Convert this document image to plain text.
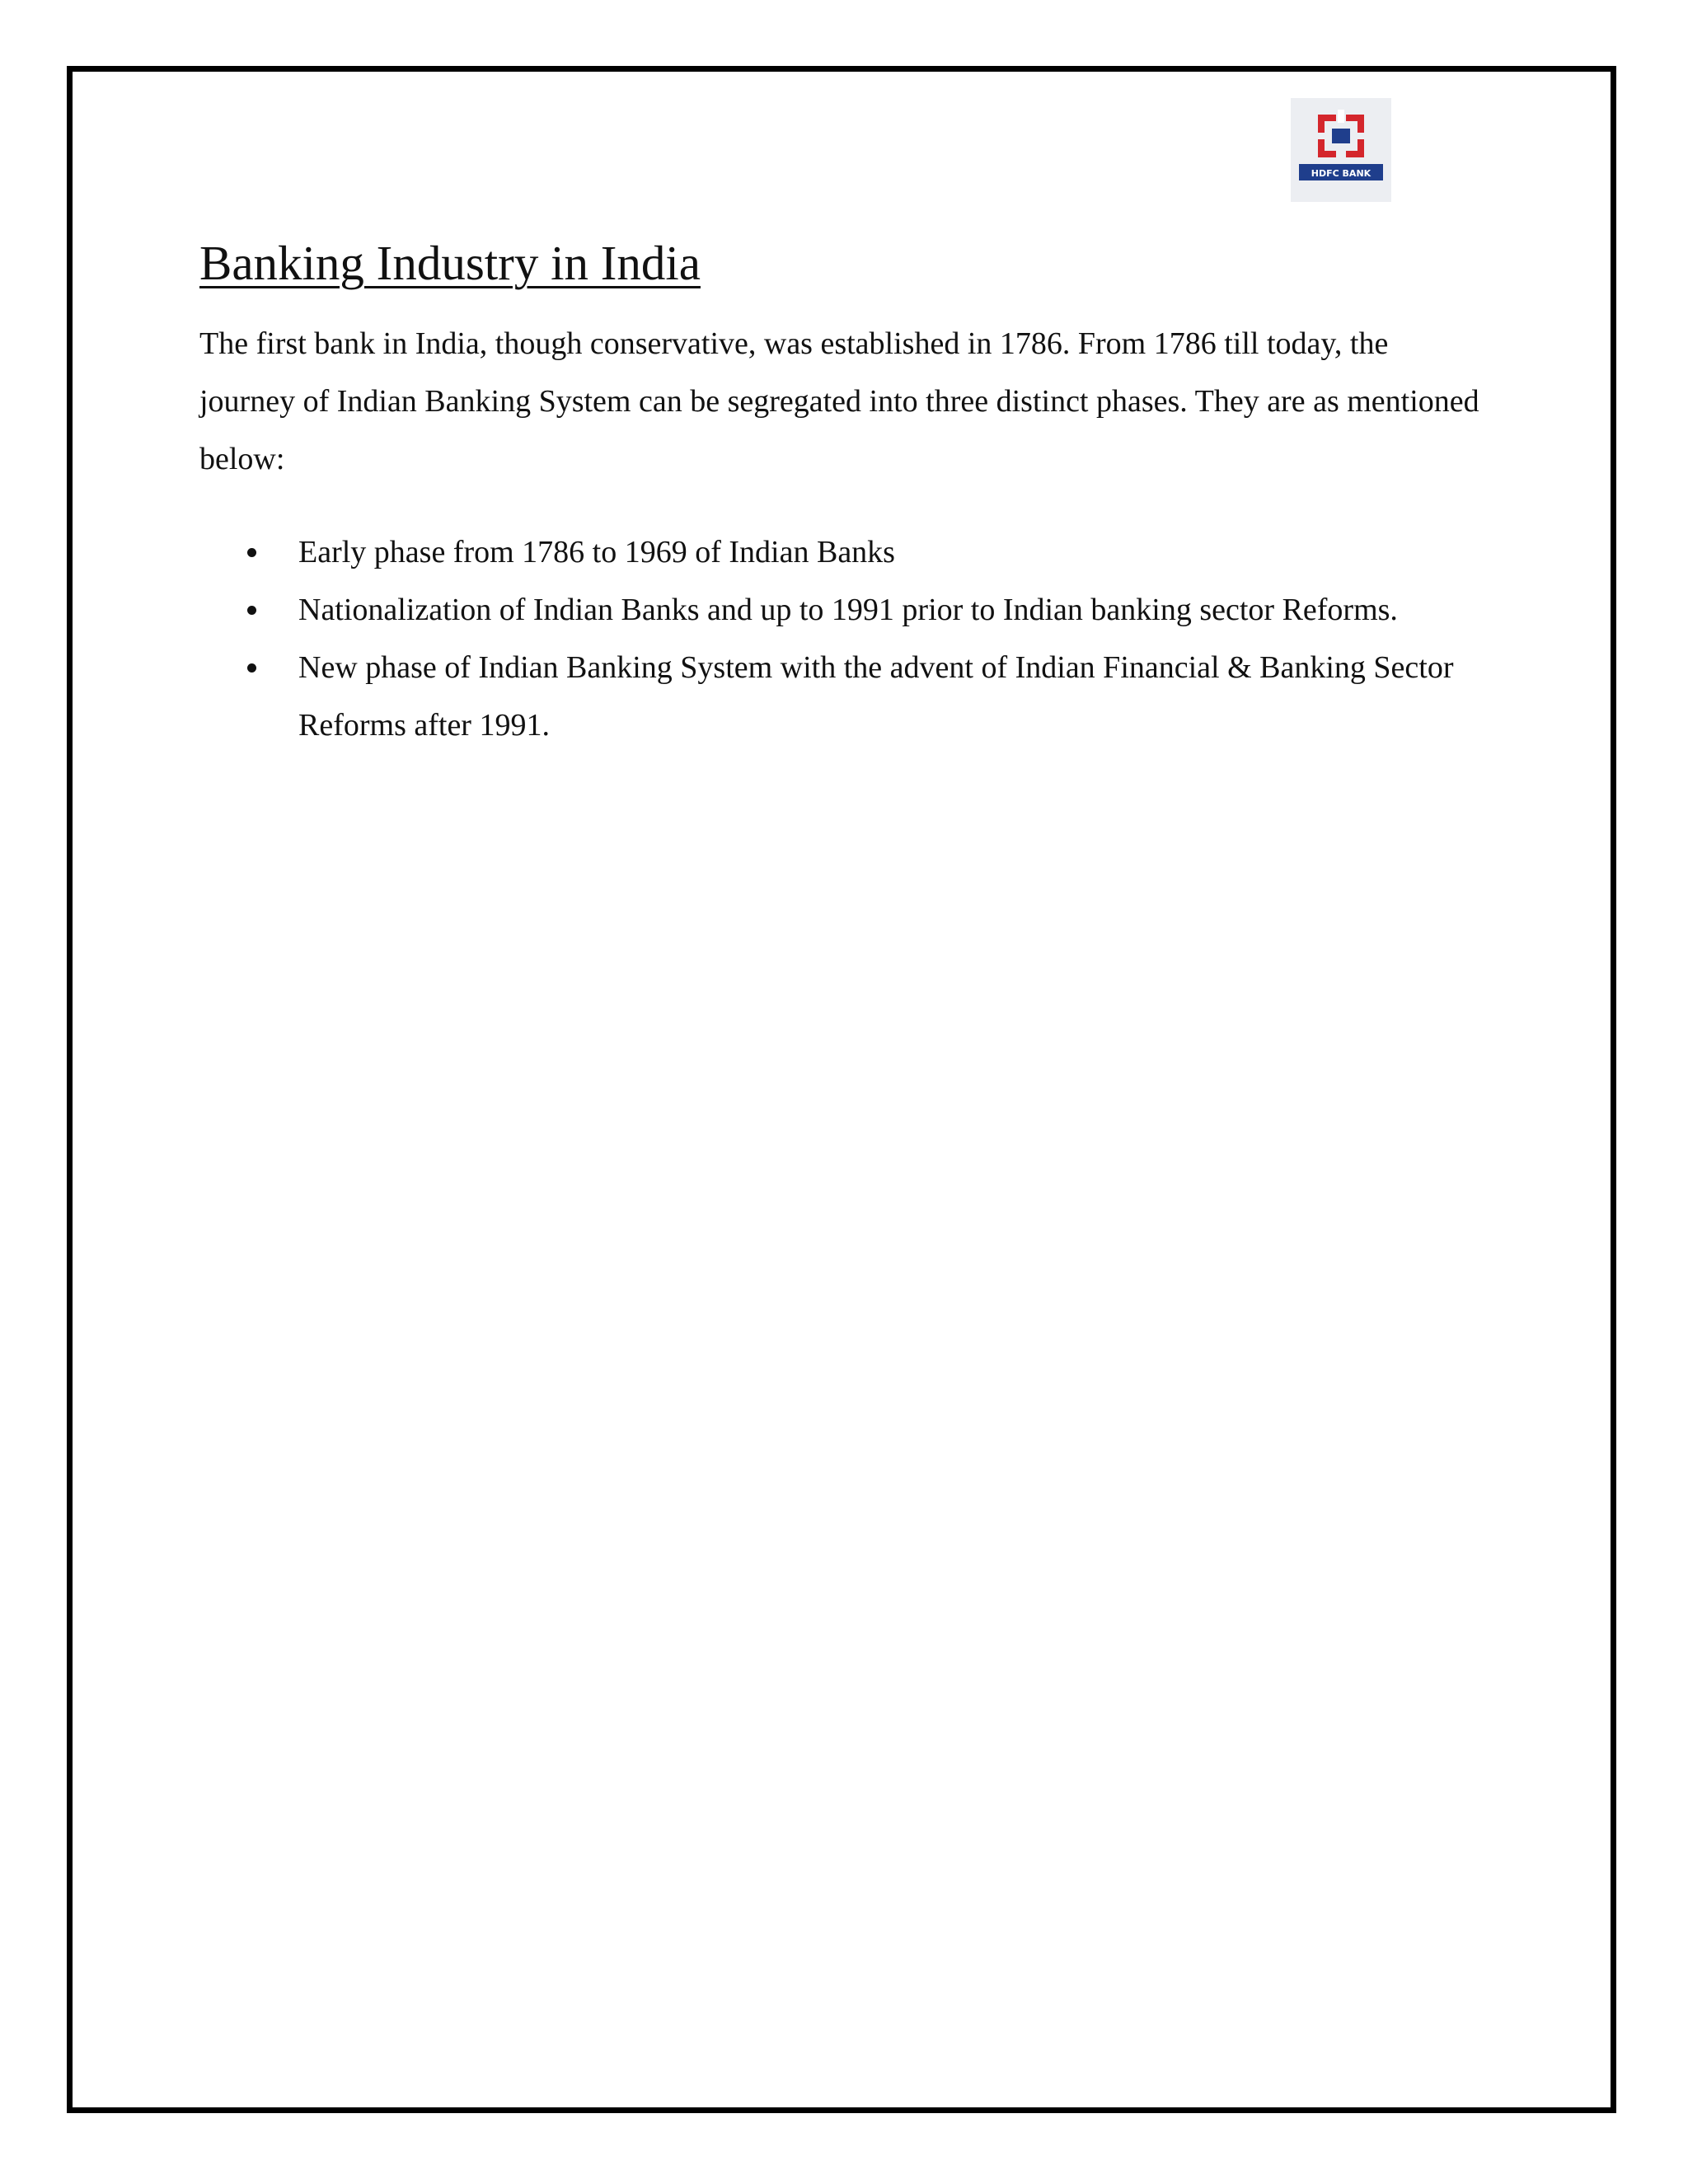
HDFC BANK
Banking Industry in India

The first bank in India, though conservative, was established in 1786. From 1786 till today, the journey of Indian Banking System can be segregated into three distinct phases. They are as mentioned below:

Early phase from 1786 to 1969 of Indian Banks
Nationalization of Indian Banks and up to 1991 prior to Indian banking sector Reforms.
New phase of Indian Banking System with the advent of Indian Financial & Banking Sector Reforms after 1991.
